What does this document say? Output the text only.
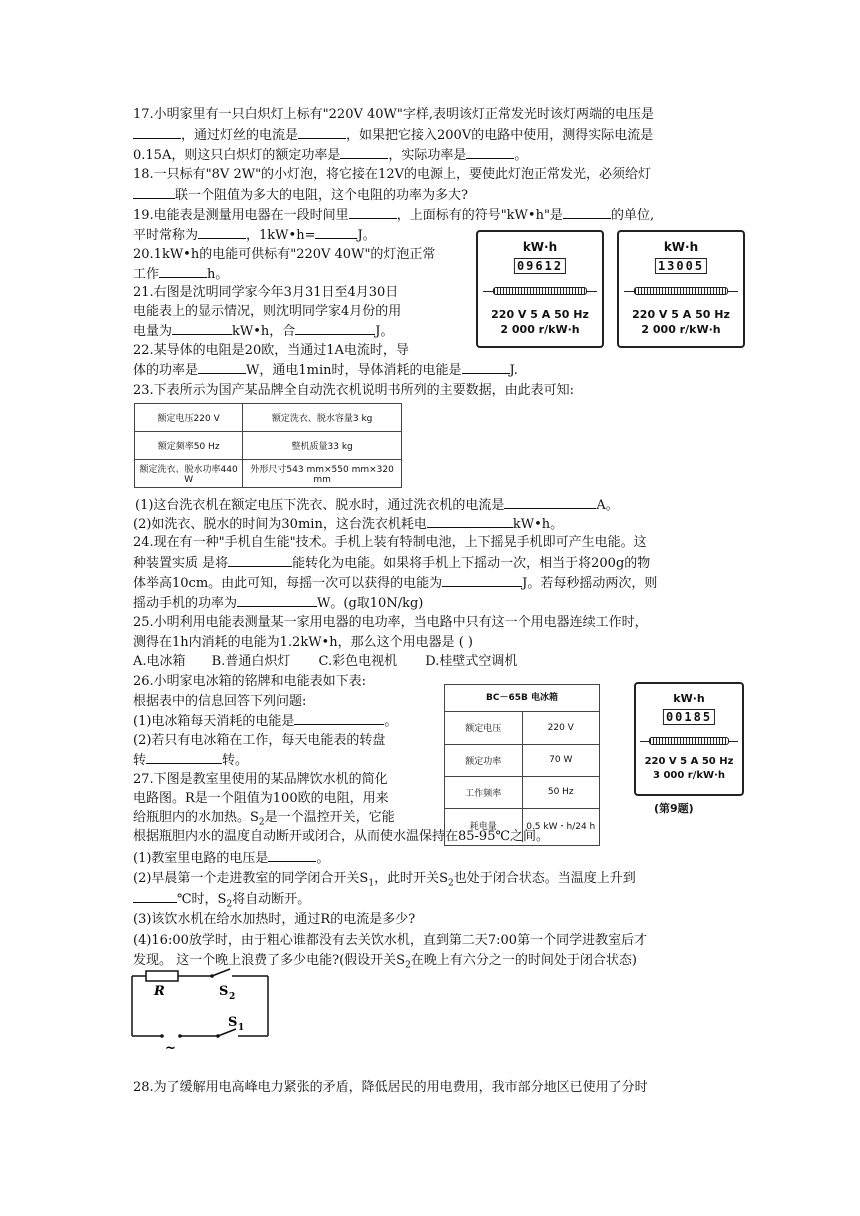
17.小明家里有一只白炽灯上标有"220V 40W"字样,表明该灯正常发光时该灯两端的电压是
，通过灯丝的电流是	，如果把它接入200V的电路中使用，测得实际电流是
0.15A，则这只白炽灯的额定功率是	，实际功率是	。
18.一只标有"8V 2W"的小灯泡，将它接在12V的电源上，要使此灯泡正常发光，必须给灯
联一个阻值为多大的电阻，这个电阻的功率为多大?
19.电能表是测量用电器在一段时间里	，上面标有的符号"kW•h"是	的单位,
平时常称为	，1kW•h=	J。
20.1kW•h的电能可供标有"220V 40W"的灯泡正常
工作	h。
21.右图是沈明同学家今年3月31日至4月30日
电能表上的显示情况，则沈明同学家4月份的用
电量为	kW•h，合	J。
22.某导体的电阻是20欧，当通过1A电流时，导
体的功率是	W，通电1min时，导体消耗的电能是	J.
kW·h
09612
220 V 5 A 50 Hz
2 000 r/kW·h
kW·h
13005
220 V 5 A 50 Hz
2 000 r/kW·h
23.下表所示为国产某品牌全自动洗衣机说明书所列的主要数据，由此表可知:
额定电压220 V	额定洗衣、脱水容量3 kg
额定频率50 Hz	整机质量33 kg
额定洗衣、脱水功率440 W	外形尺寸543 mm×550 mm×320 mm
(1)这台洗衣机在额定电压下洗衣、脱水时，通过洗衣机的电流是	A。
(2)如洗衣、脱水的时间为30min，这台洗衣机耗电	kW•h。
24.现在有一种"手机自生能"技术。手机上装有特制电池，上下摇晃手机即可产生电能。这
种装置实质 是将	能转化为电能。如果将手机上下摇动一次，相当于将200g的物
体举高10cm。由此可知，每摇一次可以获得的电能为	J。若每秒摇动两次，则
摇动手机的功率为	W。(g取10N/kg)
25.小明利用电能表测量某一家用电器的电功率，当电路中只有这一个用电器连续工作时，
测得在1h内消耗的电能为1.2kW•h，那么这个用电器是 ( )
A.电冰箱 B.普通白炽灯 C.彩色电视机 D.桂壁式空调机
26.小明家电冰箱的铭牌和电能表如下表:
根据表中的信息回答下列问题:
(1)电冰箱每天消耗的电能是	。
(2)若只有电冰箱在工作，每天电能表的转盘
转	转。
BC－65B 电冰箱
额定电压	220 V
额定功率	70 W
工作频率	50 Hz
耗电量	0.5 kW・h/24 h
kW·h
00185
220 V 5 A 50 Hz
3 000 r/kW·h
(第9题)
27.下图是教室里使用的某品牌饮水机的简化
电路图。R是一个阻值为100欧的电阻，用来
给瓶胆内的水加热。$S_2$是一个温控开关，它能
根据瓶胆内水的温度自动断开或闭合，从而使水温保持在85-95℃之间。
(1)教室里电路的电压是	。
(2)早晨第一个走进教室的同学闭合开关$S_1$，此时开关$S_2$也处于闭合状态。当温度上升到
℃时，$S_2$将自动断开。
(3)该饮水机在给水加热时，通过R的电流是多少?
(4)16:00放学时，由于粗心谁都没有去关饮水机，直到第二天7:00第一个同学进教室后才
发现。 这一个晚上浪费了多少电能?(假设开关$S_2$在晚上有六分之一的时间处于闭合状态)
R	S 2
S 1
~
28.为了缓解用电高峰电力紧张的矛盾，降低居民的用电费用，我市部分地区已使用了分时
